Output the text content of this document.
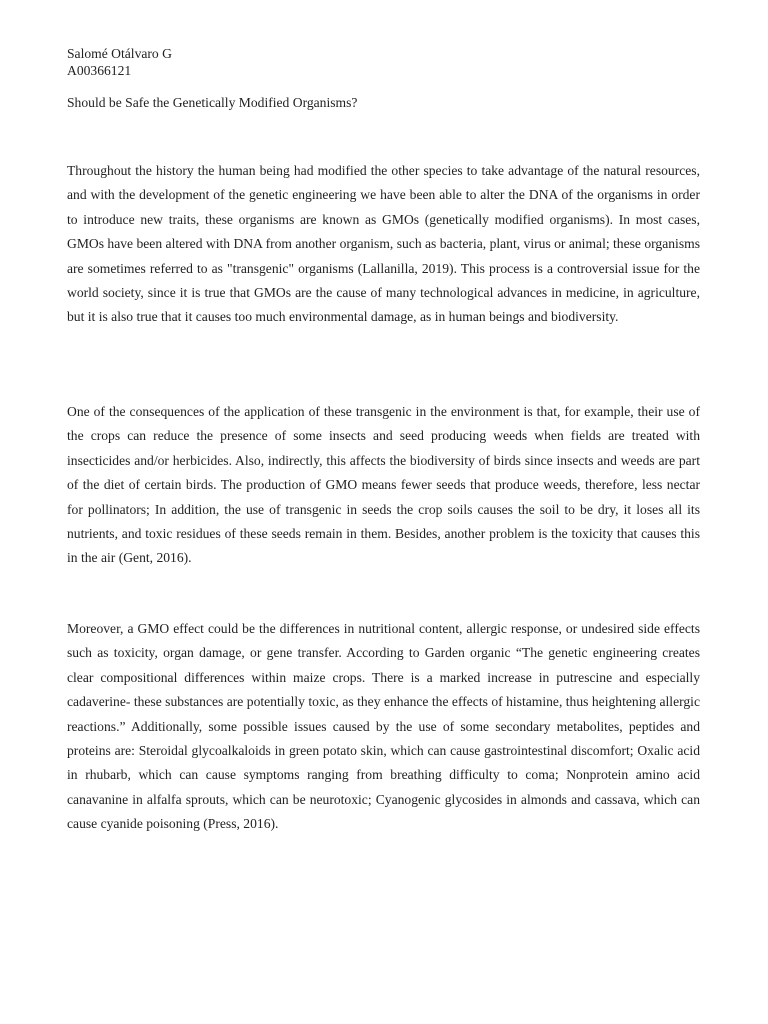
Salomé Otálvaro G
A00366121
Should be Safe the Genetically Modified Organisms?

Throughout the history the human being had modified the other species to take advantage of the natural resources, and with the development of the genetic engineering we have been able to alter the DNA of the organisms in order to introduce new traits, these organisms are known as GMOs (genetically modified organisms). In most cases, GMOs have been altered with DNA from another organism, such as bacteria, plant, virus or animal; these organisms are sometimes referred to as "transgenic" organisms (Lallanilla, 2019). This process is a controversial issue for the world society, since it is true that GMOs are the cause of many technological advances in medicine, in agriculture, but it is also true that it causes too much environmental damage, as in human beings and biodiversity.

One of the consequences of the application of these transgenic in the environment is that, for example, their use of the crops can reduce the presence of some insects and seed producing weeds when fields are treated with insecticides and/or herbicides. Also, indirectly, this affects the biodiversity of birds since insects and weeds are part of the diet of certain birds. The production of GMO means fewer seeds that produce weeds, therefore, less nectar for pollinators; In addition, the use of transgenic in seeds the crop soils causes the soil to be dry, it loses all its nutrients, and toxic residues of these seeds remain in them. Besides, another problem is the toxicity that causes this in the air (Gent, 2016).

Moreover, a GMO effect could be the differences in nutritional content, allergic response, or undesired side effects such as toxicity, organ damage, or gene transfer. According to Garden organic “The genetic engineering creates clear compositional differences within maize crops. There is a marked increase in putrescine and especially cadaverine- these substances are potentially toxic, as they enhance the effects of histamine, thus heightening allergic reactions.” Additionally, some possible issues caused by the use of some secondary metabolites, peptides and proteins are: Steroidal glycoalkaloids in green potato skin, which can cause gastrointestinal discomfort; Oxalic acid in rhubarb, which can cause symptoms ranging from breathing difficulty to coma; Nonprotein amino acid canavanine in alfalfa sprouts, which can be neurotoxic; Cyanogenic glycosides in almonds and cassava, which can cause cyanide poisoning (Press, 2016).
